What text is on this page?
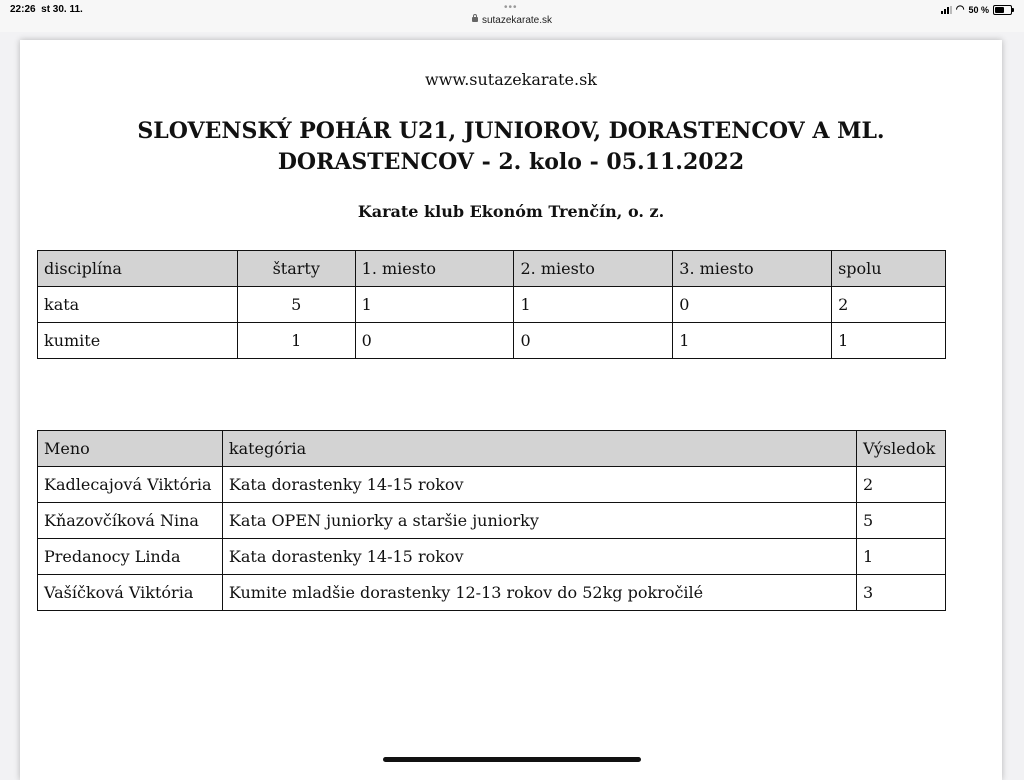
22:26 st 30. 11.	•••
sutazekarate.sk
◠ 50 %
www.sutazekarate.sk
SLOVENSKÝ POHÁR U21, JUNIOROV, DORASTENCOV A ML.
DORASTENCOV - 2. kolo - 05.11.2022
Karate klub Ekonóm Trenčín, o. z.
disciplína	štarty	1. miesto	2. miesto	3. miesto	spolu
kata	5	1	1	0	2
kumite	1	0	0	1	1
Meno	kategória	Výsledok
Kadlecajová Viktória	Kata dorastenky 14-15 rokov	2
Kňazovčíková Nina	Kata OPEN juniorky a staršie juniorky	5
Predanocy Linda	Kata dorastenky 14-15 rokov	1
Vašíčková Viktória	Kumite mladšie dorastenky 12-13 rokov do 52kg pokročilé	3
